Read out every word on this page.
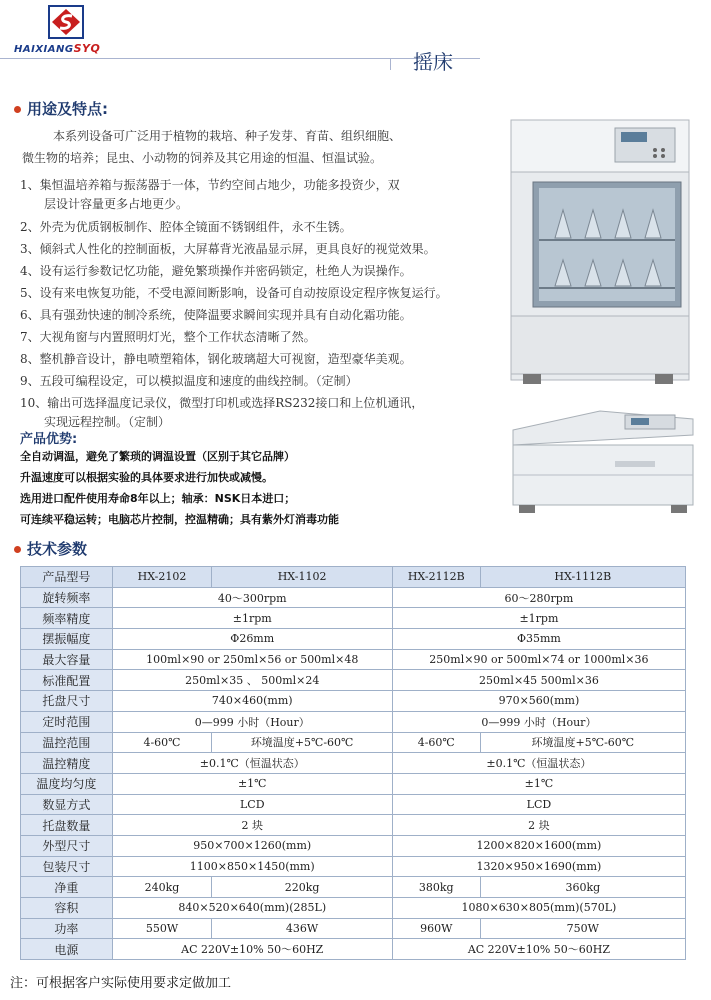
HAIXIANGSYQ
摇床
用途及特点:
本系列设备可广泛用于植物的栽培、种子发芽、育苗、组织细胞、
微生物的培养；昆虫、小动物的饲养及其它用途的恒温、恒温试验。
1、集恒温培养箱与振荡器于一体，节约空间占地少，功能多投资少，双
层设计容量更多占地更少。
2、外壳为优质钢板制作、腔体全镜面不锈钢组件，永不生锈。
3、倾斜式人性化的控制面板，大屏幕背光液晶显示屏，更具良好的视觉效果。
4、设有运行参数记忆功能，避免繁琐操作并密码锁定，杜绝人为误操作。
5、设有来电恢复功能，不受电源间断影响，设备可自动按原设定程序恢复运行。
6、具有强劲快速的制冷系统，使降温要求瞬间实现并具有自动化霜功能。
7、大视角窗与内置照明灯光，整个工作状态清晰了然。
8、整机静音设计，静电喷塑箱体，钢化玻璃超大可视窗，造型豪华美观。
9、五段可编程设定，可以模拟温度和速度的曲线控制。（定制）
10、输出可选择温度记录仪，微型打印机或选择RS232接口和上位机通讯，
实现远程控制。（定制）
产品优势:
全自动调温，避免了繁琐的调温设置（区别于其它品牌）
升温速度可以根据实验的具体要求进行加快或减慢。
选用进口配件使用寿命8年以上；轴承：NSK日本进口；
可连续平稳运转；电脑芯片控制，控温精确；具有紫外灯消毒功能
技术参数
产品型号	HX-2102	HX-1102	HX-2112B	HX-1112B
旋转频率	40～300rpm		60～280rpm	
频率精度	±1rpm		±1rpm	
摆振幅度	Φ26mm		Φ35mm	
最大容量	100ml×90 or 250ml×56 or 500ml×48		250ml×90 or 500ml×74 or 1000ml×36	
标准配置	250ml×35 、 500ml×24		250ml×45 500ml×36	
托盘尺寸	740×460(mm)		970×560(mm)	
定时范围	0—999 小时（Hour）		0—999 小时（Hour）	
温控范围	4-60℃	环境温度+5℃-60℃	4-60℃	环境温度+5℃-60℃
温控精度	±0.1℃（恒温状态）		±0.1℃（恒温状态）	
温度均匀度	±1℃		±1℃	
数显方式	LCD		LCD	
托盘数量	2 块		2 块	
外型尺寸	950×700×1260(mm)		1200×820×1600(mm)	
包装尺寸	1100×850×1450(mm)		1320×950×1690(mm)	
净重	240kg	220kg	380kg	360kg
容积	840×520×640(mm)(285L)		1080×630×805(mm)(570L)	
功率	550W	436W	960W	750W
电源	AC 220V±10% 50～60HZ		AC 220V±10% 50～60HZ	
注：可根据客户实际使用要求定做加工
